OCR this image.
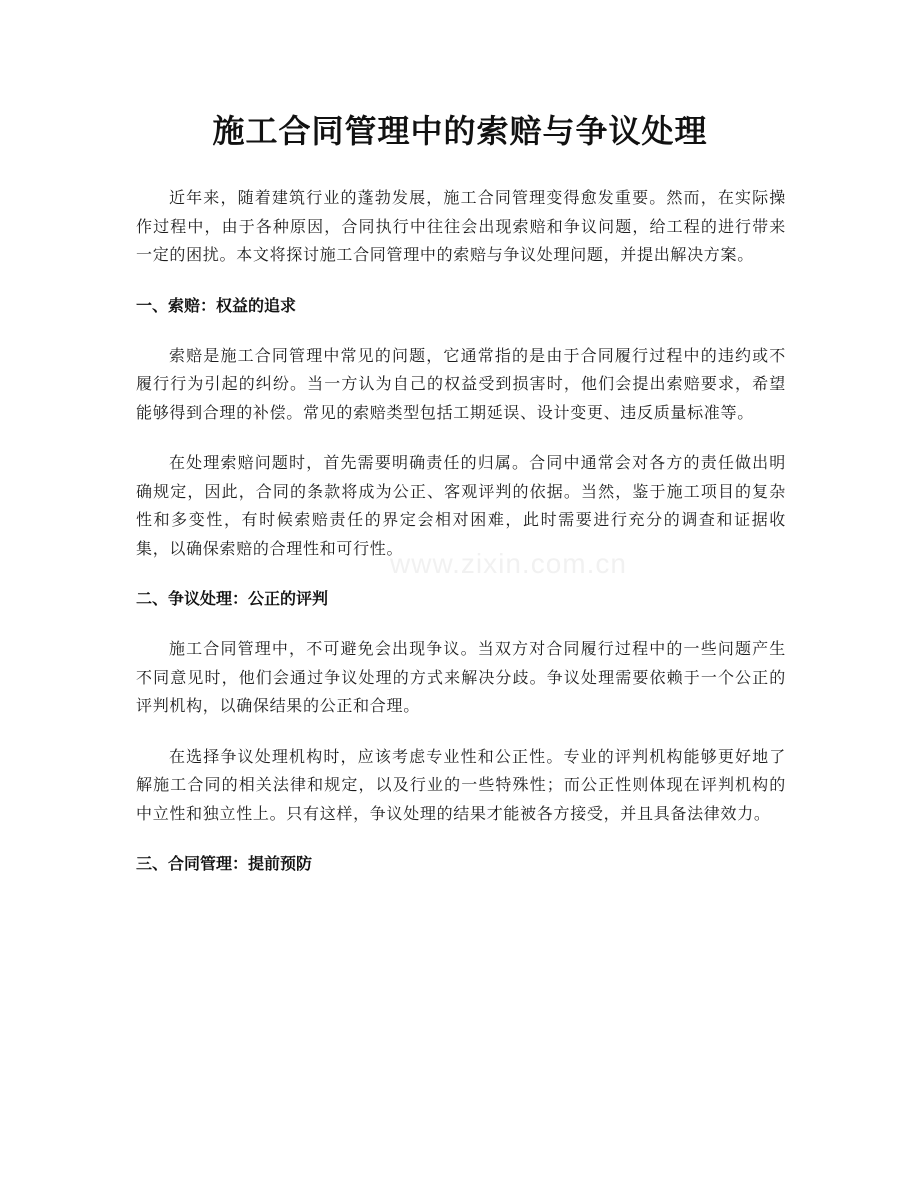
施工合同管理中的索赔与争议处理
www.zixin.com.cn

近年来，随着建筑行业的蓬勃发展，施工合同管理变得愈发重要。然而，在实际操作过程中，由于各种原因，合同执行中往往会出现索赔和争议问题，给工程的进行带来一定的困扰。本文将探讨施工合同管理中的索赔与争议处理问题，并提出解决方案。

一、索赔：权益的追求

索赔是施工合同管理中常见的问题，它通常指的是由于合同履行过程中的违约或不履行行为引起的纠纷。当一方认为自己的权益受到损害时，他们会提出索赔要求，希望能够得到合理的补偿。常见的索赔类型包括工期延误、设计变更、违反质量标准等。

在处理索赔问题时，首先需要明确责任的归属。合同中通常会对各方的责任做出明确规定，因此，合同的条款将成为公正、客观评判的依据。当然，鉴于施工项目的复杂性和多变性，有时候索赔责任的界定会相对困难，此时需要进行充分的调查和证据收集，以确保索赔的合理性和可行性。

二、争议处理：公正的评判

施工合同管理中，不可避免会出现争议。当双方对合同履行过程中的一些问题产生不同意见时，他们会通过争议处理的方式来解决分歧。争议处理需要依赖于一个公正的评判机构，以确保结果的公正和合理。

在选择争议处理机构时，应该考虑专业性和公正性。专业的评判机构能够更好地了解施工合同的相关法律和规定，以及行业的一些特殊性；而公正性则体现在评判机构的中立性和独立性上。只有这样，争议处理的结果才能被各方接受，并且具备法律效力。

三、合同管理：提前预防
